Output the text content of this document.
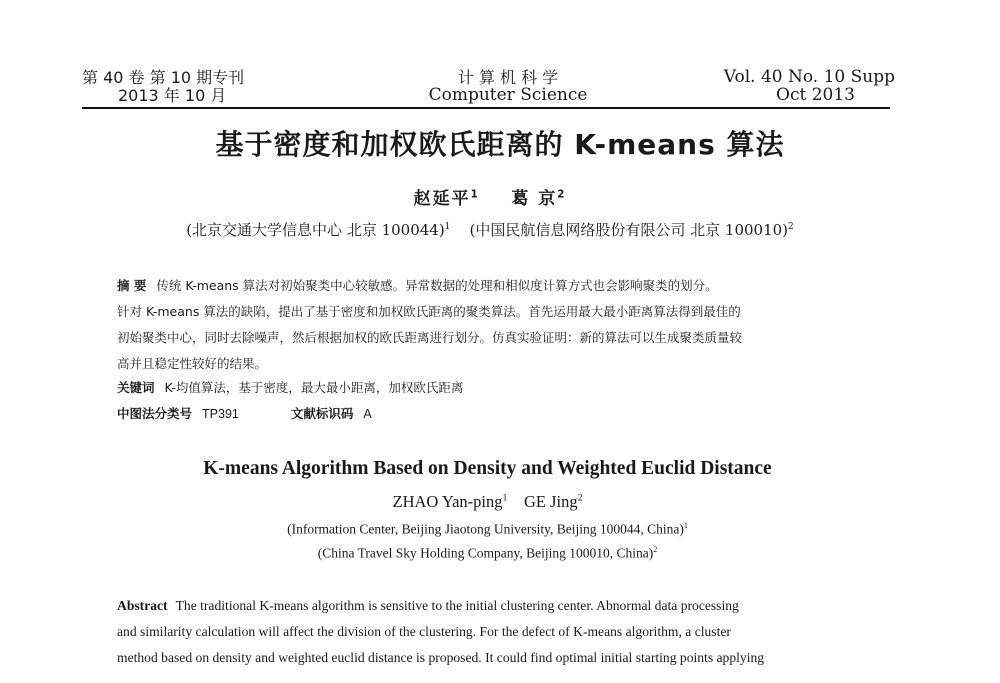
第 40 卷 第 10 期专刊
2013 年 10 月
计 算 机 科 学
Computer Science
Vol. 40 No. 10 Supp
Oct 2013
基于密度和加权欧氏距离的 K-means 算法
赵延平$^1$ 葛 京$^2$
(北京交通大学信息中心 北京 100044)$^1$ (中国民航信息网络股份有限公司 北京 100010)$^2$
摘 要 传统 K-means 算法对初始聚类中心较敏感。异常数据的处理和相似度计算方式也会影响聚类的划分。
针对 K-means 算法的缺陷，提出了基于密度和加权欧氏距离的聚类算法。首先运用最大最小距离算法得到最佳的
初始聚类中心，同时去除噪声，然后根据加权的欧氏距离进行划分。仿真实验证明：新的算法可以生成聚类质量较
高并且稳定性较好的结果。
关键词 K-均值算法，基于密度，最大最小距离，加权欧氏距离
中图法分类号 TP391	文献标识码 A
K-means Algorithm Based on Density and Weighted Euclid Distance
ZHAO Yan-ping$^1$ GE Jing$^2$
(Information Center, Beijing Jiaotong University, Beijing 100044, China)$^1$
(China Travel Sky Holding Company, Beijing 100010, China)$^2$
Abstract The traditional K-means algorithm is sensitive to the initial clustering center. Abnormal data processing
and similarity calculation will affect the division of the clustering. For the defect of K-means algorithm, a cluster
method based on density and weighted euclid distance is proposed. It could find optimal initial starting points applying
